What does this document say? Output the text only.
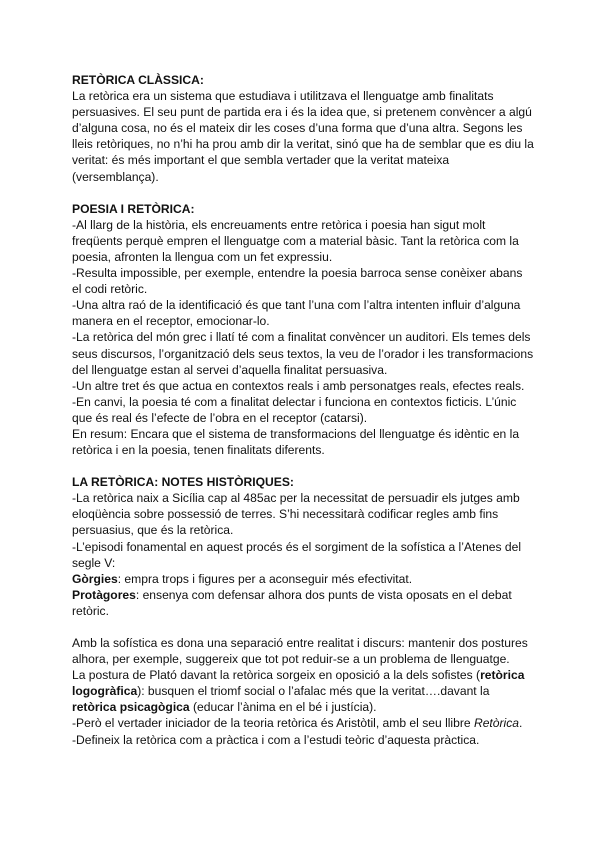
RETÒRICA CLÀSSICA:

La retòrica era un sistema que estudiava i utilitzava el llenguatge amb finalitats persuasives. El seu punt de partida era i és la idea que, si pretenem convèncer a algú d’alguna cosa, no és el mateix dir les coses d’una forma que d’una altra. Segons les lleis retòriques, no n’hi ha prou amb dir la veritat, sinó que ha de semblar que es diu la veritat: és més important el que sembla vertader que la veritat mateixa (versemblança).

POESIA I RETÒRICA:

-Al llarg de la història, els encreuaments entre retòrica i poesia han sigut molt freqüents perquè empren el llenguatge com a material bàsic. Tant la retòrica com la poesia, afronten la llengua com un fet expressiu.

-Resulta impossible, per exemple, entendre la poesia barroca sense conèixer abans el codi retòric.

-Una altra raó de la identificació és que tant l’una com l’altra intenten influir d’alguna manera en el receptor, emocionar-lo.

-La retòrica del món grec i llatí té com a finalitat convèncer un auditori. Els temes dels seus discursos, l’organització dels seus textos, la veu de l’orador i les transformacions del llenguatge estan al servei d’aquella finalitat persuasiva.

-Un altre tret és que actua en contextos reals i amb personatges reals, efectes reals.

-En canvi, la poesia té com a finalitat delectar i funciona en contextos ficticis. L’únic que és real és l’efecte de l’obra en el receptor (catarsi).

En resum: Encara que el sistema de transformacions del llenguatge és idèntic en la retòrica i en la poesia, tenen finalitats diferents.

LA RETÒRICA: NOTES HISTÒRIQUES:

-La retòrica naix a Sicília cap al 485ac per la necessitat de persuadir els jutges amb eloqüència sobre possessió de terres. S’hi necessitarà codificar regles amb fins persuasius, que és la retòrica.

-L’episodi fonamental en aquest procés és el sorgiment de la sofística a l’Atenes del segle V:

Gòrgies: empra trops i figures per a aconseguir més efectivitat.

Protàgores: ensenya com defensar alhora dos punts de vista oposats en el debat retòric.

Amb la sofística es dona una separació entre realitat i discurs: mantenir dos postures alhora, per exemple, suggereix que tot pot reduir-se a un problema de llenguatge.

La postura de Plató davant la retòrica sorgeix en oposició a la dels sofistes (retòrica logogràfica): busquen el triomf social o l’afalac més que la veritat….davant la retòrica psicagògica (educar l’ànima en el bé i justícia).

-Però el vertader iniciador de la teoria retòrica és Aristòtil, amb el seu llibre Retòrica.

-Defineix la retòrica com a pràctica i com a l’estudi teòric d’aquesta pràctica.
